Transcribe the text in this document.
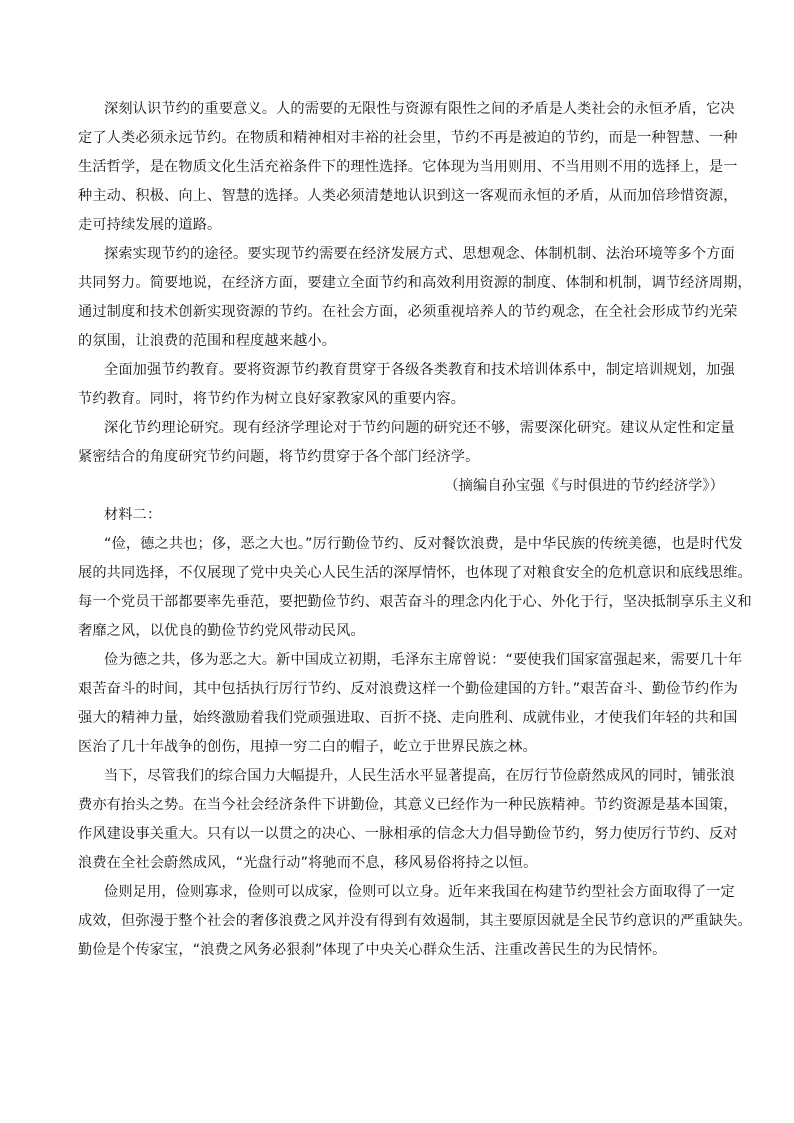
深刻认识节约的重要意义。人的需要的无限性与资源有限性之间的矛盾是人类社会的永恒矛盾，它决
定了人类必须永远节约。在物质和精神相对丰裕的社会里，节约不再是被迫的节约，而是一种智慧、一种
生活哲学，是在物质文化生活充裕条件下的理性选择。它体现为当用则用、不当用则不用的选择上，是一
种主动、积极、向上、智慧的选择。人类必须清楚地认识到这一客观而永恒的矛盾，从而加倍珍惜资源，
走可持续发展的道路。
探索实现节约的途径。要实现节约需要在经济发展方式、思想观念、体制机制、法治环境等多个方面
共同努力。简要地说，在经济方面，要建立全面节约和高效利用资源的制度、体制和机制，调节经济周期，
通过制度和技术创新实现资源的节约。在社会方面，必须重视培养人的节约观念，在全社会形成节约光荣
的氛围，让浪费的范围和程度越来越小。
全面加强节约教育。要将资源节约教育贯穿于各级各类教育和技术培训体系中，制定培训规划，加强
节约教育。同时，将节约作为树立良好家教家风的重要内容。
深化节约理论研究。现有经济学理论对于节约问题的研究还不够，需要深化研究。建议从定性和定量
紧密结合的角度研究节约问题，将节约贯穿于各个部门经济学。
（摘编自孙宝强《与时俱进的节约经济学》）
材料二：
“俭，德之共也；侈，恶之大也。”厉行勤俭节约、反对餐饮浪费，是中华民族的传统美德，也是时代发
展的共同选择，不仅展现了党中央关心人民生活的深厚情怀，也体现了对粮食安全的危机意识和底线思维。
每一个党员干部都要率先垂范，要把勤俭节约、艰苦奋斗的理念内化于心、外化于行，坚决抵制享乐主义和
奢靡之风，以优良的勤俭节约党风带动民风。
俭为德之共，侈为恶之大。新中国成立初期，毛泽东主席曾说：“要使我们国家富强起来，需要几十年
艰苦奋斗的时间，其中包括执行厉行节约、反对浪费这样一个勤俭建国的方针。”艰苦奋斗、勤俭节约作为
强大的精神力量，始终激励着我们党顽强进取、百折不挠、走向胜利、成就伟业，才使我们年轻的共和国
医治了几十年战争的创伤，甩掉一穷二白的帽子，屹立于世界民族之林。
当下，尽管我们的综合国力大幅提升，人民生活水平显著提高，在厉行节俭蔚然成风的同时，铺张浪
费亦有抬头之势。在当今社会经济条件下讲勤俭，其意义已经作为一种民族精神。节约资源是基本国策，
作风建设事关重大。只有以一以贯之的决心、一脉相承的信念大力倡导勤俭节约，努力使厉行节约、反对
浪费在全社会蔚然成风，“光盘行动”将驰而不息，移风易俗将持之以恒。
俭则足用，俭则寡求，俭则可以成家，俭则可以立身。近年来我国在构建节约型社会方面取得了一定
成效，但弥漫于整个社会的奢侈浪费之风并没有得到有效遏制，其主要原因就是全民节约意识的严重缺失。
勤俭是个传家宝，“浪费之风务必狠刹”体现了中央关心群众生活、注重改善民生的为民情怀。
